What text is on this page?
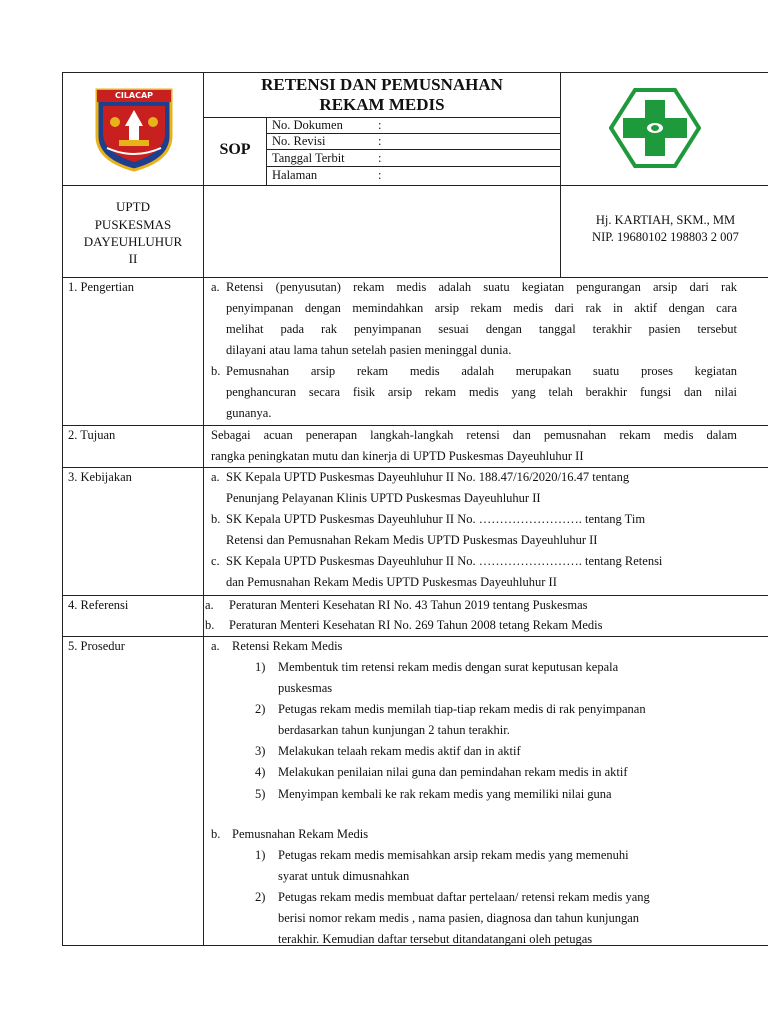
CILACAP
RETENSI DAN PEMUSNAHAN
REKAM MEDIS
SOP
No. Dokumen	:
No. Revisi	:
Tanggal Terbit	:
Halaman	:
UPTD
PUSKESMAS
DAYEUHLUHUR
II
Hj. KARTIAH, SKM., MM
NIP. 19680102 198803 2 007
1. Pengertian	a. Retensi (penyusutan) rekam medis adalah suatu kegiatan pengurangan arsip dari rak
penyimpanan dengan memindahkan arsip rekam medis dari rak in aktif dengan cara
melihat pada rak penyimpanan sesuai dengan tanggal terakhir pasien tersebut
dilayani atau lama tahun setelah pasien meninggal dunia.
b. Pemusnahan arsip rekam medis adalah merupakan suatu proses kegiatan
penghancuran secara fisik arsip rekam medis yang telah berakhir fungsi dan nilai
gunanya.
2. Tujuan	Sebagai acuan penerapan langkah-langkah retensi dan pemusnahan rekam medis dalam
rangka peningkatan mutu dan kinerja di UPTD Puskesmas Dayeuhluhur II
3. Kebijakan	a. SK Kepala UPTD Puskesmas Dayeuhluhur II No. 188.47/16/2020/16.47 tentang
Penunjang Pelayanan Klinis UPTD Puskesmas Dayeuhluhur II
b. SK Kepala UPTD Puskesmas Dayeuhluhur II No. ……………………. tentang Tim
Retensi dan Pemusnahan Rekam Medis UPTD Puskesmas Dayeuhluhur II
c. SK Kepala UPTD Puskesmas Dayeuhluhur II No. ……………………. tentang Retensi
dan Pemusnahan Rekam Medis UPTD Puskesmas Dayeuhluhur II
4. Referensi	a. Peraturan Menteri Kesehatan RI No. 43 Tahun 2019 tentang Puskesmas
b. Peraturan Menteri Kesehatan RI No. 269 Tahun 2008 tetang Rekam Medis
5. Prosedur	a. Retensi Rekam Medis
1) Membentuk tim retensi rekam medis dengan surat keputusan kepala
puskesmas
2) Petugas rekam medis memilah tiap-tiap rekam medis di rak penyimpanan
berdasarkan tahun kunjungan 2 tahun terakhir.
3) Melakukan telaah rekam medis aktif dan in aktif
4) Melakukan penilaian nilai guna dan pemindahan rekam medis in aktif
5) Menyimpan kembali ke rak rekam medis yang memiliki nilai guna
b. Pemusnahan Rekam Medis
1) Petugas rekam medis memisahkan arsip rekam medis yang memenuhi
syarat untuk dimusnahkan
2) Petugas rekam medis membuat daftar pertelaan/ retensi rekam medis yang
berisi nomor rekam medis , nama pasien, diagnosa dan tahun kunjungan
terakhir. Kemudian daftar tersebut ditandatangani oleh petugas
